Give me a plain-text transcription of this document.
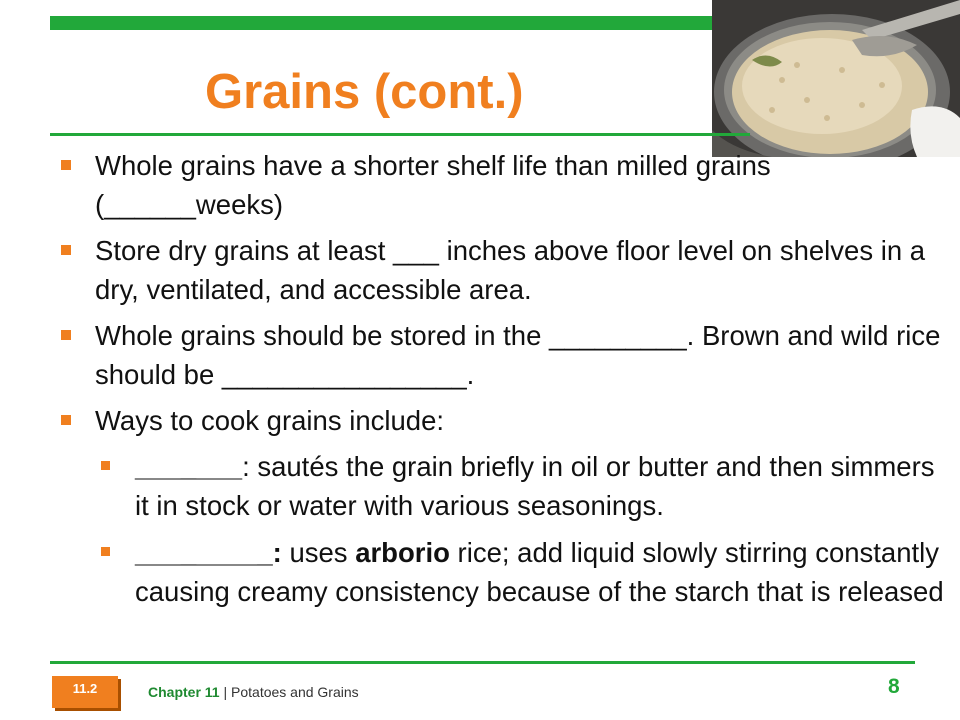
Grains (cont.)
Whole grains have a shorter shelf life than milled grains (______weeks)
Store dry grains at least ___ inches above floor level on shelves in a dry, ventilated, and accessible area.
Whole grains should be stored in the _________. Brown and wild rice should be ________________.
Ways to cook grains include:
_______: sautés the grain briefly in oil or butter and then simmers it in stock or water with various seasonings.
_________: uses arborio rice; add liquid slowly stirring constantly causing creamy consistency because of the starch that is released
11.2	Chapter 11 | Potatoes and Grains	8
